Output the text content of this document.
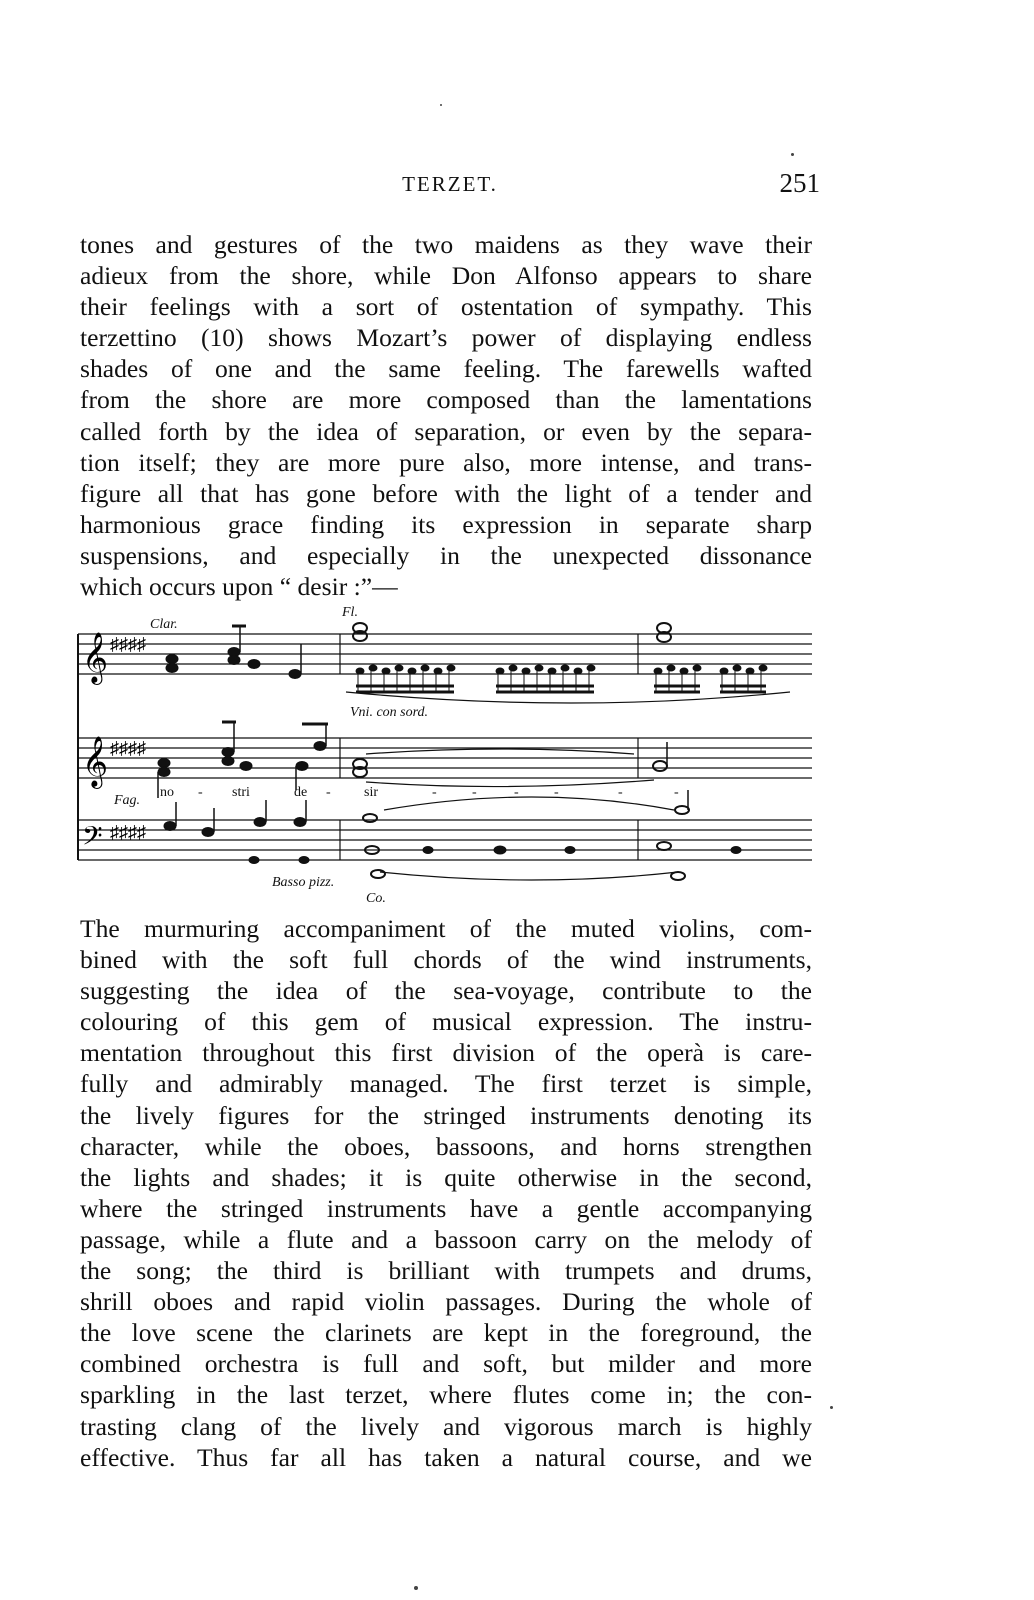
TERZET.	251
tones and gestures of the two maidens as they wave their
adieux from the shore, while Don Alfonso appears to share
their feelings with a sort of ostentation of sympathy. This
terzettino (10) shows Mozart’s power of displaying endless
shades of one and the same feeling. The farewells wafted
from the shore are more composed than the lamentations
called forth by the idea of separation, or even by the separa-
tion itself; they are more pure also, more intense, and trans-
figure all that has gone before with the light of a tender and
harmonious grace finding its expression in separate sharp
suspensions, and especially in the unexpected dissonance
which occurs upon “ desir :”—
𝄞 ♯♯♯♯
Clar.
Fl.
Vni. con sord.
𝄞 ♯♯♯♯
no - stri	de - sir	-	-	-	-	-	-
𝄢 ♯♯♯♯
Fag.
Basso pizz.
Co.
The murmuring accompaniment of the muted violins, com-
bined with the soft full chords of the wind instruments,
suggesting the idea of the sea-voyage, contribute to the
colouring of this gem of musical expression. The instru-
mentation throughout this first division of the operà is care-
fully and admirably managed. The first terzet is simple,
the lively figures for the stringed instruments denoting its
character, while the oboes, bassoons, and horns strengthen
the lights and shades; it is quite otherwise in the second,
where the stringed instruments have a gentle accompanying
passage, while a flute and a bassoon carry on the melody of
the song; the third is brilliant with trumpets and drums,
shrill oboes and rapid violin passages. During the whole of
the love scene the clarinets are kept in the foreground, the
combined orchestra is full and soft, but milder and more
sparkling in the last terzet, where flutes come in; the con-
trasting clang of the lively and vigorous march is highly
effective. Thus far all has taken a natural course, and we
